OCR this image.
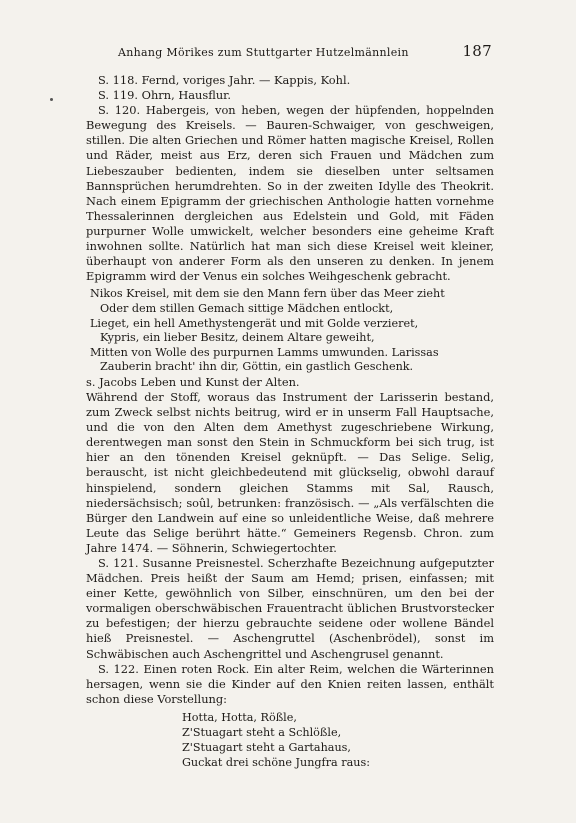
Anhang Mörikes zum Stuttgarter Hutzelmännlein	187

S. 118. Fernd, voriges Jahr. — Kappis, Kohl.

S. 119. Ohrn, Hausflur.

S. 120. Habergeis, von heben, wegen der hüpfenden, hoppelnden Bewegung des Kreisels. — Bauren-Schwaiger, von geschweigen, stillen. Die alten Griechen und Römer hatten magische Kreisel, Rollen und Räder, meist aus Erz, deren sich Frauen und Mädchen zum Liebeszauber bedienten, indem sie dieselben unter seltsamen Bannsprüchen herumdrehten. So in der zweiten Idylle des Theokrit. Nach einem Epigramm der griechischen Anthologie hatten vornehme Thessalerinnen dergleichen aus Edelstein und Gold, mit Fäden purpurner Wolle umwickelt, welcher besonders eine geheime Kraft inwohnen sollte. Natürlich hat man sich diese Kreisel weit kleiner, überhaupt von anderer Form als den unseren zu denken. In jenem Epigramm wird der Venus ein solches Weihgeschenk gebracht.

Nikos Kreisel, mit dem sie den Mann fern über das Meer zieht
Oder dem stillen Gemach sittige Mädchen entlockt,
Lieget, ein hell Amethystengerät und mit Golde verzieret,
Kypris, ein lieber Besitz, deinem Altare geweiht,
Mitten von Wolle des purpurnen Lamms umwunden. Larissas
Zauberin bracht' ihn dir, Göttin, ein gastlich Geschenk.

s. Jacobs Leben und Kunst der Alten.

Während der Stoff, woraus das Instrument der Larisserin bestand, zum Zweck selbst nichts beitrug, wird er in unserm Fall Hauptsache, und die von den Alten dem Amethyst zugeschriebene Wirkung, derentwegen man sonst den Stein in Schmuckform bei sich trug, ist hier an den tönenden Kreisel geknüpft. — Das Selige. Selig, berauscht, ist nicht gleichbedeutend mit glückselig, obwohl darauf hinspielend, sondern gleichen Stamms mit Sal, Rausch, niedersächsisch; soûl, betrunken: französisch. — „Als verfälschten die Bürger den Landwein auf eine so unleidentliche Weise, daß mehrere Leute das Selige berührt hätte.“ Gemeiners Regensb. Chron. zum Jahre 1474. — Söhnerin, Schwiegertochter.

S. 121. Susanne Preisnestel. Scherzhafte Bezeichnung aufgeputzter Mädchen. Preis heißt der Saum am Hemd; prisen, einfassen; mit einer Kette, gewöhnlich von Silber, einschnüren, um den bei der vormaligen oberschwäbischen Frauentracht üblichen Brustvorstecker zu befestigen; der hierzu gebrauchte seidene oder wollene Bändel hieß Preisnestel. — Aschengruttel (Aschenbrödel), sonst im Schwäbischen auch Aschengrittel und Aschengrusel genannt.

S. 122. Einen roten Rock. Ein alter Reim, welchen die Wärterinnen hersagen, wenn sie die Kinder auf den Knien reiten lassen, enthält schon diese Vorstellung:

Hotta, Hotta, Rößle,
Z'Stuagart steht a Schlößle,
Z'Stuagart steht a Gartahaus,
Guckat drei schöne Jungfra raus:
